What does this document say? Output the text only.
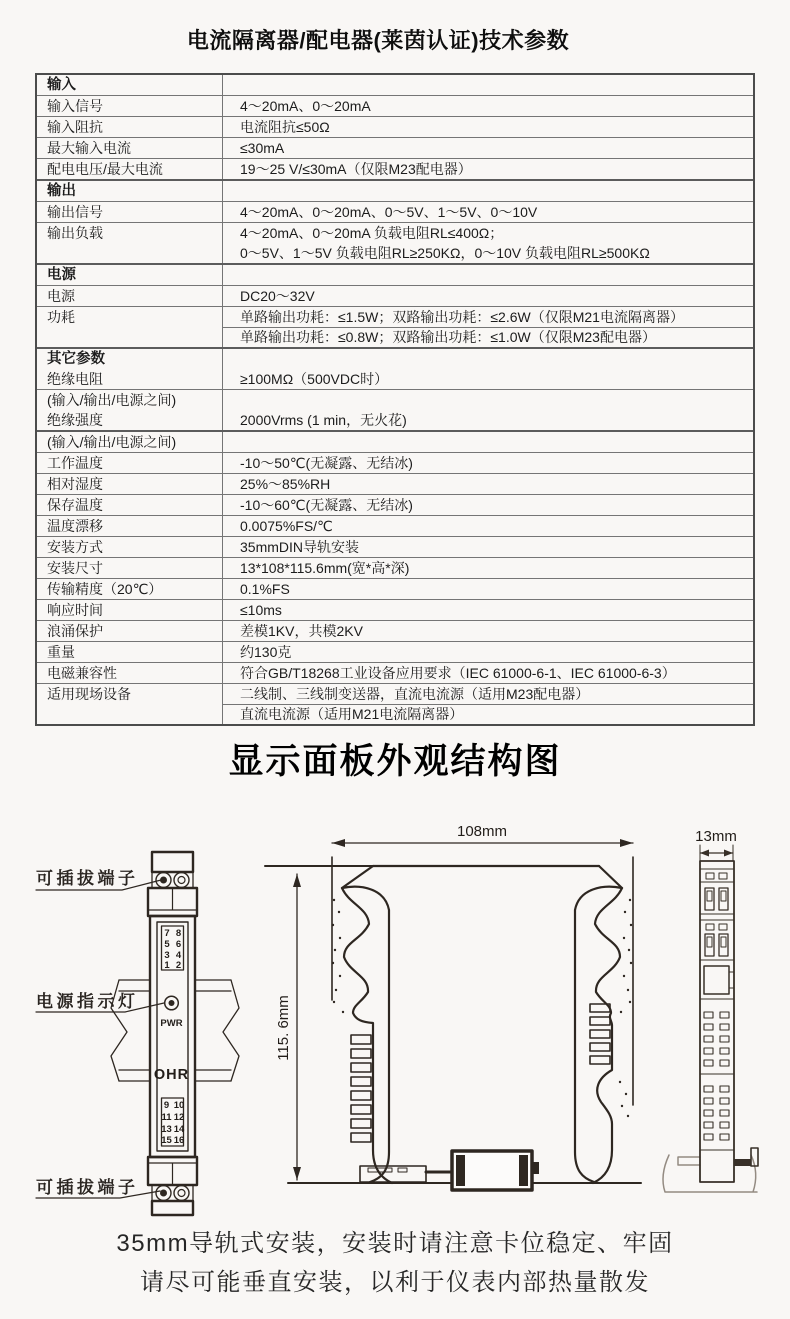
电流隔离器/配电器(莱茵认证)技术参数
输入
输入信号	4～20mA、0～20mA
输入阻抗	电流阻抗≤50Ω
最大输入电流	≤30mA
配电电压/最大电流	19～25 V/≤30mA（仅限M23配电器）
输出
输出信号	4～20mA、0～20mA、0～5V、1～5V、0～10V
输出负载	4～20mA、0～20mA 负载电阻RL≤400Ω；
0～5V、1～5V 负载电阻RL≥250KΩ，0～10V 负载电阻RL≥500KΩ
电源
电源	DC20～32V
功耗	单路输出功耗：≤1.5W；双路输出功耗：≤2.6W（仅限M21电流隔离器）
单路输出功耗：≤0.8W；双路输出功耗：≤1.0W（仅限M23配电器）
其它参数
绝缘电阻	≥100MΩ（500VDC时）
(输入/输出/电源之间)
绝缘强度	2000Vrms (1 min，无火花)
(输入/输出/电源之间)
工作温度	-10～50℃(无凝露、无结冰)
相对湿度	25%～85%RH
保存温度	-10～60℃(无凝露、无结冰)
温度漂移	0.0075%FS/℃
安装方式	35mmDIN导轨安装
安装尺寸	13*108*115.6mm(宽*高*深)
传输精度（20℃）	0.1%FS
响应时间	≤10ms
浪涌保护	差模1KV，共模2KV
重量	约130克
电磁兼容性	符合GB/T18268工业设备应用要求（IEC 61000-6-1、IEC 61000-6-3）
适用现场设备	二线制、三线制变送器，直流电流源（适用M23配电器）
直流电流源（适用M21电流隔离器）
显示面板外观结构图
可插拔端子
电源指示灯
可插拔端子
7 8
5 6
3 4
1 2
PWR
OHR
9 10
11 12
13 14
15 16
108mm
115. 6mm
13mm
35mm导轨式安装，安装时请注意卡位稳定、牢固
请尽可能垂直安装，以利于仪表内部热量散发
